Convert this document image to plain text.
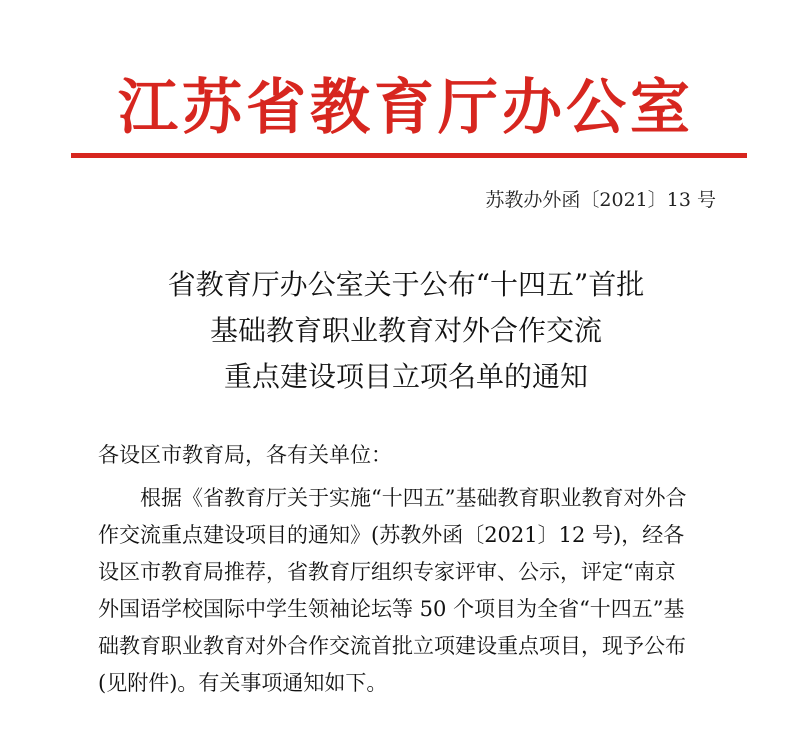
江苏省教育厅办公室
苏教办外函〔2021〕13 号
省教育厅办公室关于公布“十四五”首批
基础教育职业教育对外合作交流
重点建设项目立项名单的通知
各设区市教育局，各有关单位：
根据《省教育厅关于实施“十四五”基础教育职业教育对外合
作交流重点建设项目的通知》(苏教外函〔2021〕12 号)，经各
设区市教育局推荐，省教育厅组织专家评审、公示，评定“南京
外国语学校国际中学生领袖论坛等 50 个项目为全省“十四五”基
础教育职业教育对外合作交流首批立项建设重点项目，现予公布
(见附件)。有关事项通知如下。
